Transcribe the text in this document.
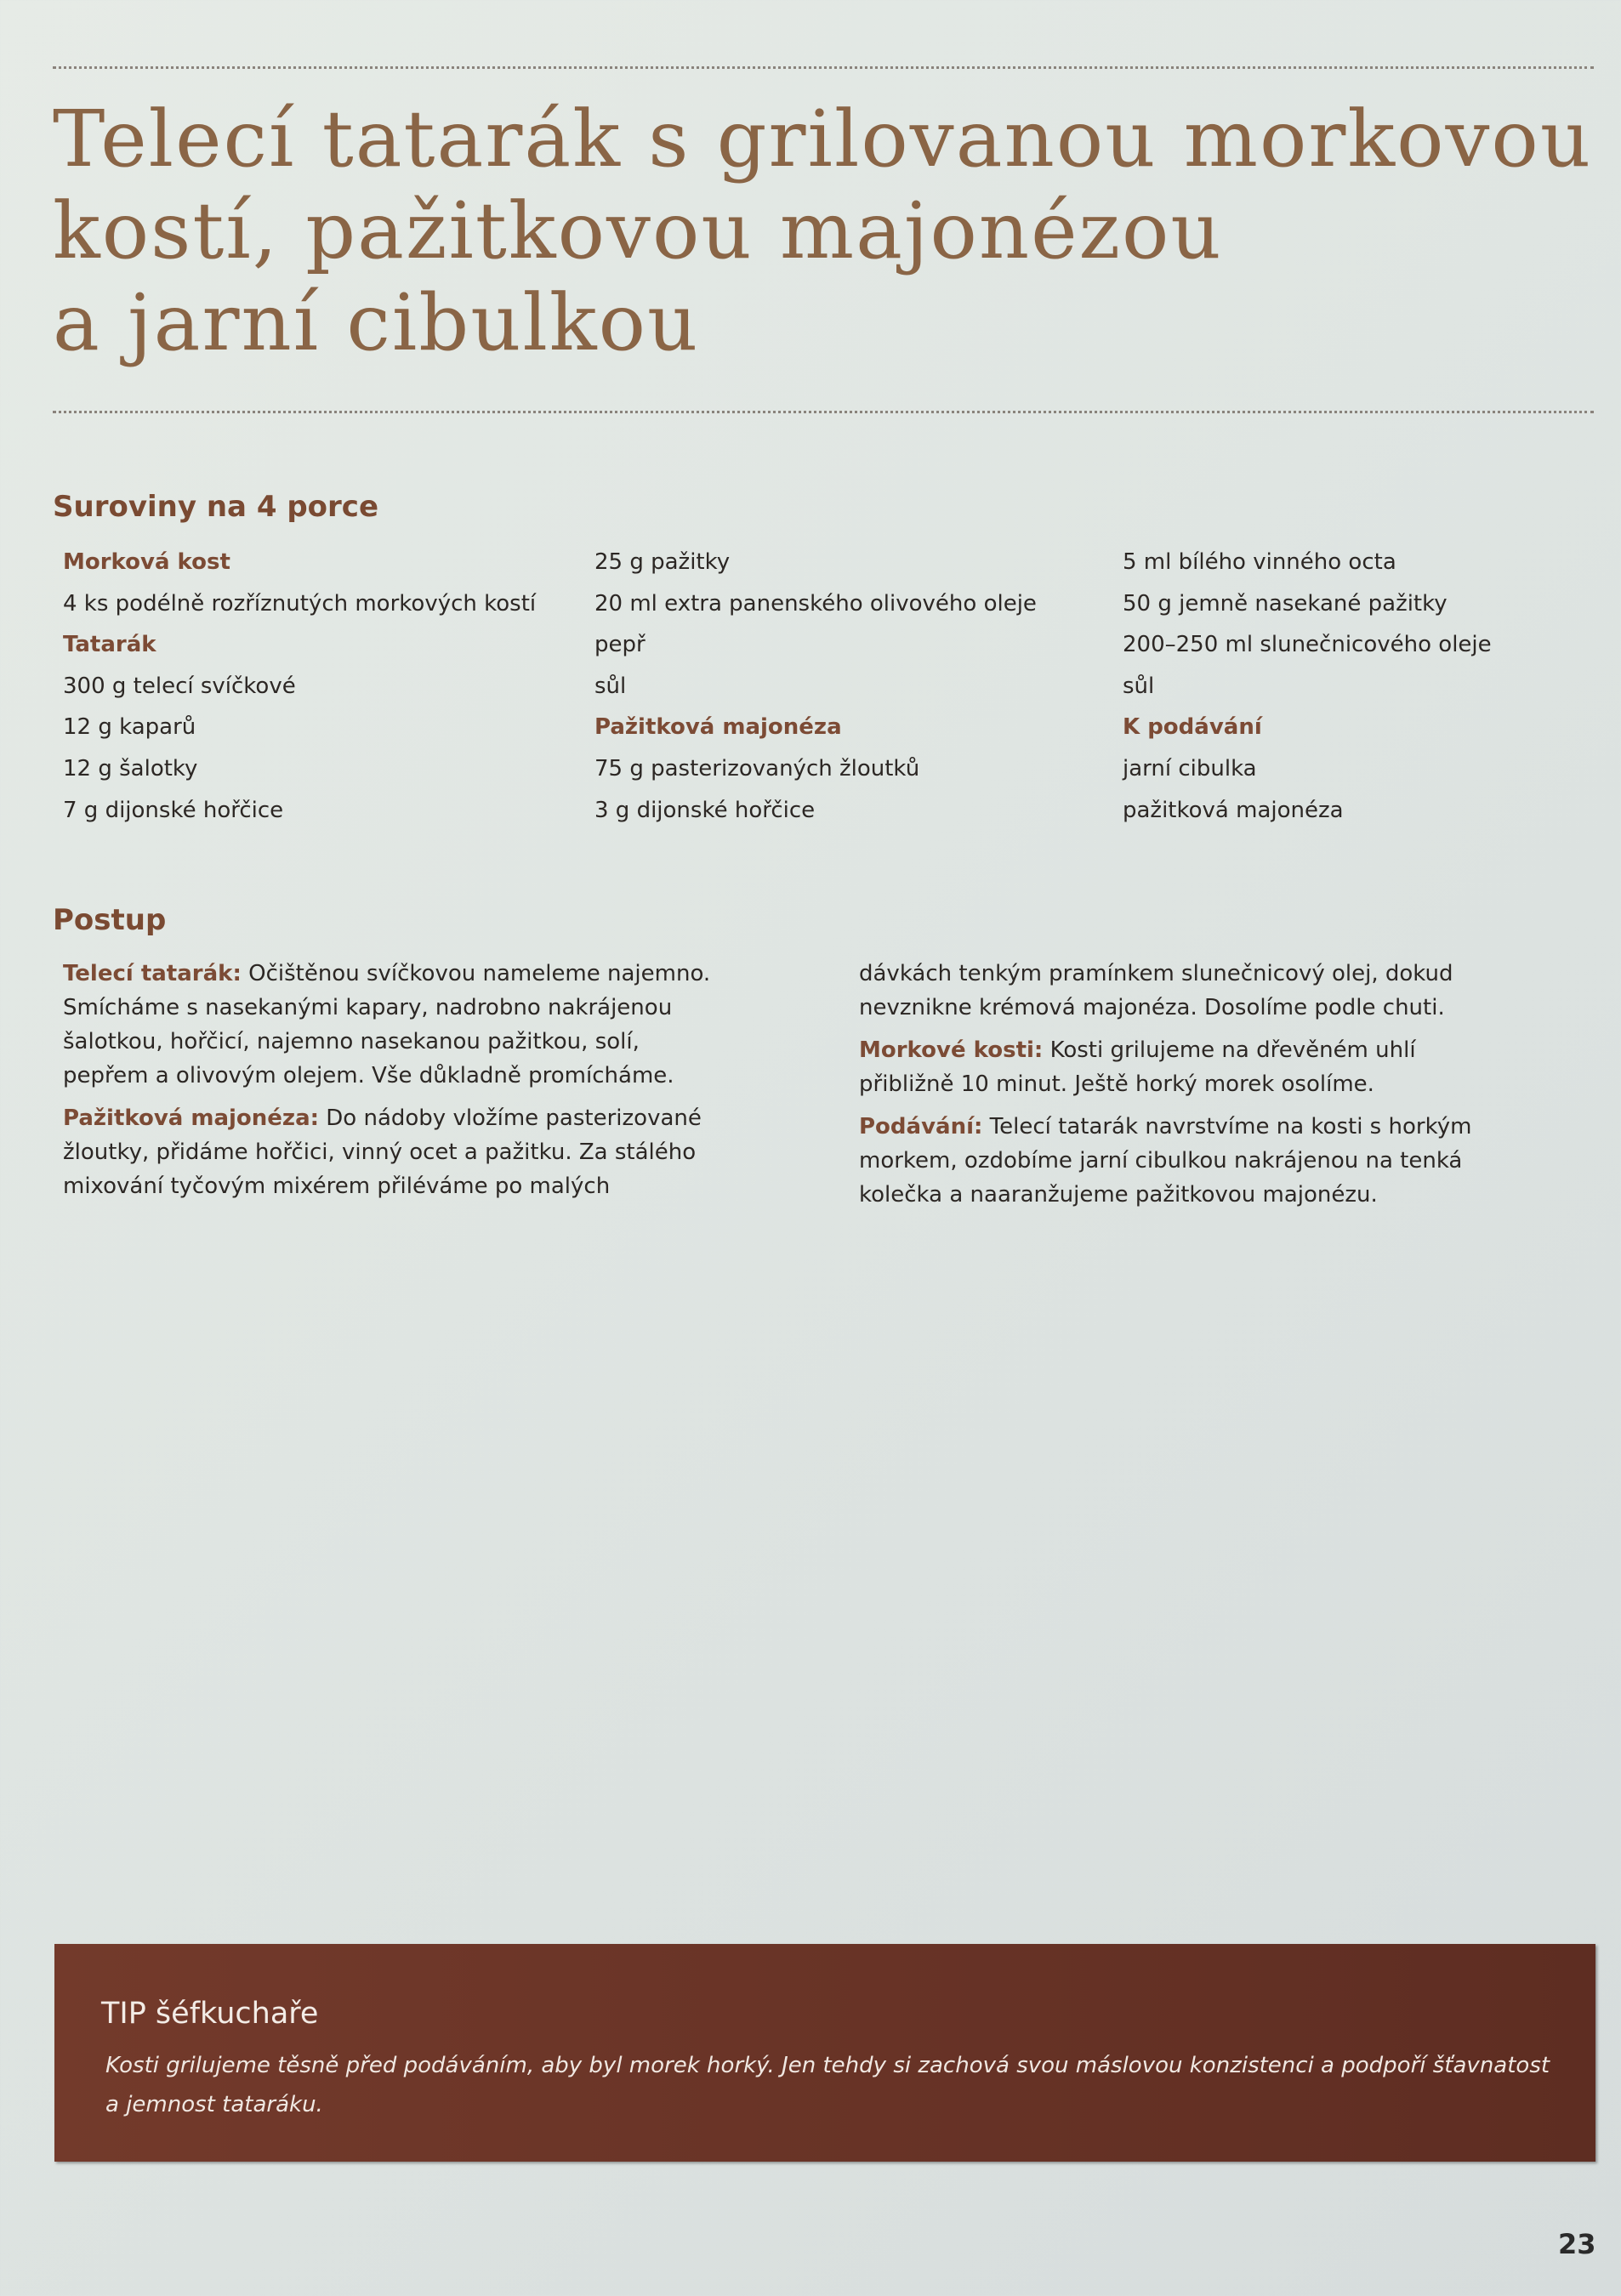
Telecí tatarák s grilovanou morkovou
kostí, pažitkovou majonézou
a jarní cibulkou
Suroviny na 4 porce
Morková kost
4 ks podélně rozříznutých morkových kostí
Tatarák
300 g telecí svíčkové
12 g kaparů
12 g šalotky
7 g dijonské hořčice
25 g pažitky
20 ml extra panenského olivového oleje
pepř
sůl
Pažitková majonéza
75 g pasterizovaných žloutků
3 g dijonské hořčice
5 ml bílého vinného octa
50 g jemně nasekané pažitky
200–250 ml slunečnicového oleje
sůl
K podávání
jarní cibulka
pažitková majonéza
Postup

Telecí tatarák: Očištěnou svíčkovou nameleme najemno.
Smícháme s nasekanými kapary, nadrobno nakrájenou
šalotkou, hořčicí, najemno nasekanou pažitkou, solí,
pepřem a olivovým olejem. Vše důkladně promícháme.

Pažitková majonéza: Do nádoby vložíme pasterizované
žloutky, přidáme hořčici, vinný ocet a pažitku. Za stálého
mixování tyčovým mixérem přiléváme po malých

dávkách tenkým pramínkem slunečnicový olej, dokud
nevznikne krémová majonéza. Dosolíme podle chuti.

Morkové kosti: Kosti grilujeme na dřevěném uhlí
přibližně 10 minut. Ještě horký morek osolíme.

Podávání: Telecí tatarák navrstvíme na kosti s horkým
morkem, ozdobíme jarní cibulkou nakrájenou na tenká
kolečka a naaranžujeme pažitkovou majonézu.

TIP šéfkuchaře

Kosti grilujeme těsně před podáváním, aby byl morek horký. Jen tehdy si zachová svou máslovou konzistenci a podpoří šťavnatost
a jemnost tataráku.

23
